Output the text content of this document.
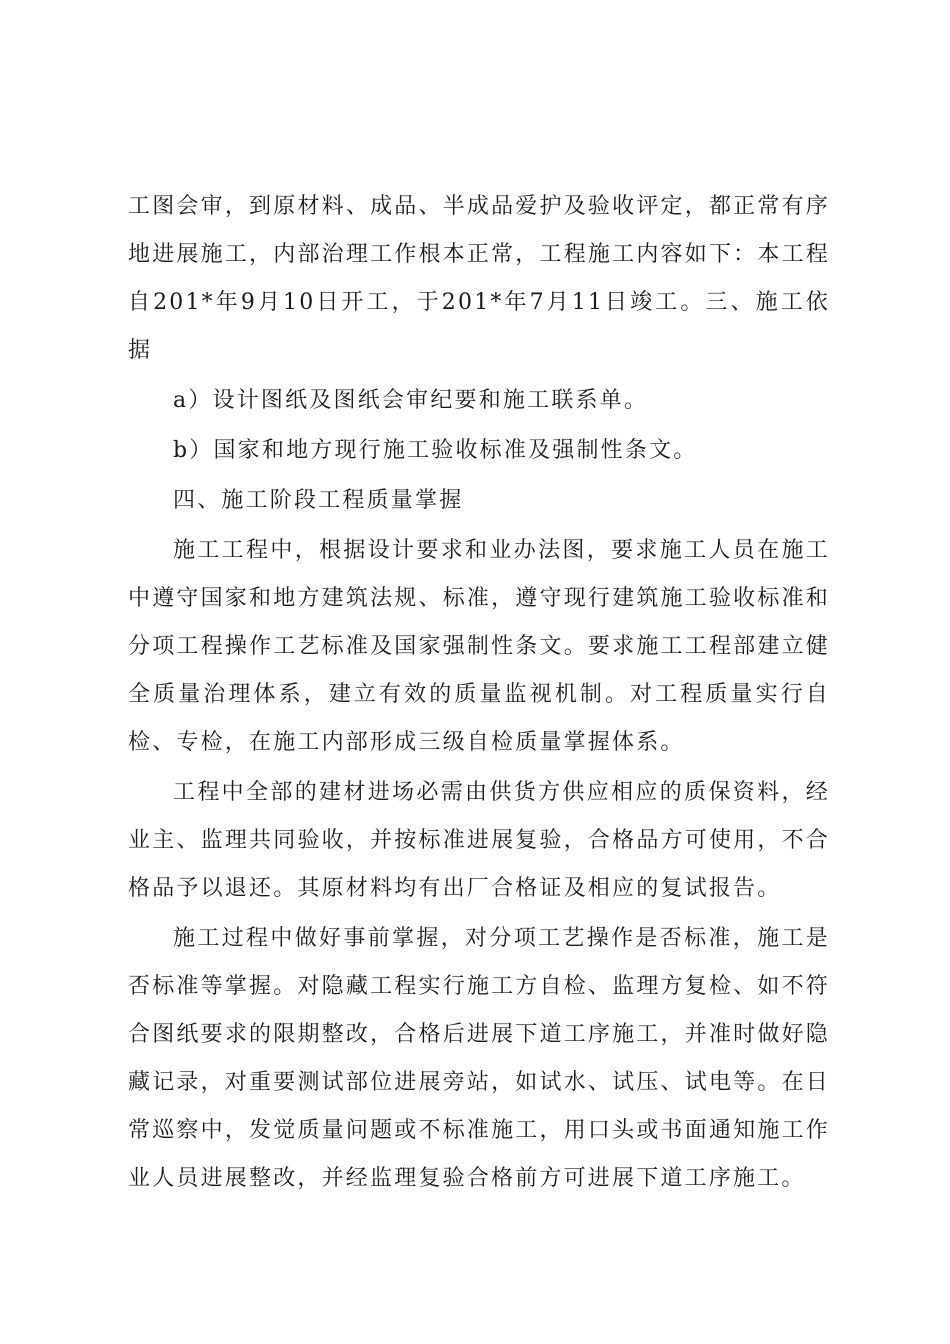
工图会审，到原材料、成品、半成品爱护及验收评定，都正常有序地进展施工，内部治理工作根本正常，工程施工内容如下：本工程自201*年9月10日开工，于201*年7月11日竣工。三、施工依据

a）设计图纸及图纸会审纪要和施工联系单。

b）国家和地方现行施工验收标准及强制性条文。

四、施工阶段工程质量掌握

施工工程中，根据设计要求和业办法图，要求施工人员在施工中遵守国家和地方建筑法规、标准，遵守现行建筑施工验收标准和分项工程操作工艺标准及国家强制性条文。要求施工工程部建立健全质量治理体系，建立有效的质量监视机制。对工程质量实行自检、专检，在施工内部形成三级自检质量掌握体系。

工程中全部的建材进场必需由供货方供应相应的质保资料，经业主、监理共同验收，并按标准进展复验，合格品方可使用，不合格品予以退还。其原材料均有出厂合格证及相应的复试报告。

施工过程中做好事前掌握，对分项工艺操作是否标准，施工是否标准等掌握。对隐藏工程实行施工方自检、监理方复检、如不符合图纸要求的限期整改，合格后进展下道工序施工，并准时做好隐藏记录，对重要测试部位进展旁站，如试水、试压、试电等。在日常巡察中，发觉质量问题或不标准施工，用口头或书面通知施工作业人员进展整改，并经监理复验合格前方可进展下道工序施工。
